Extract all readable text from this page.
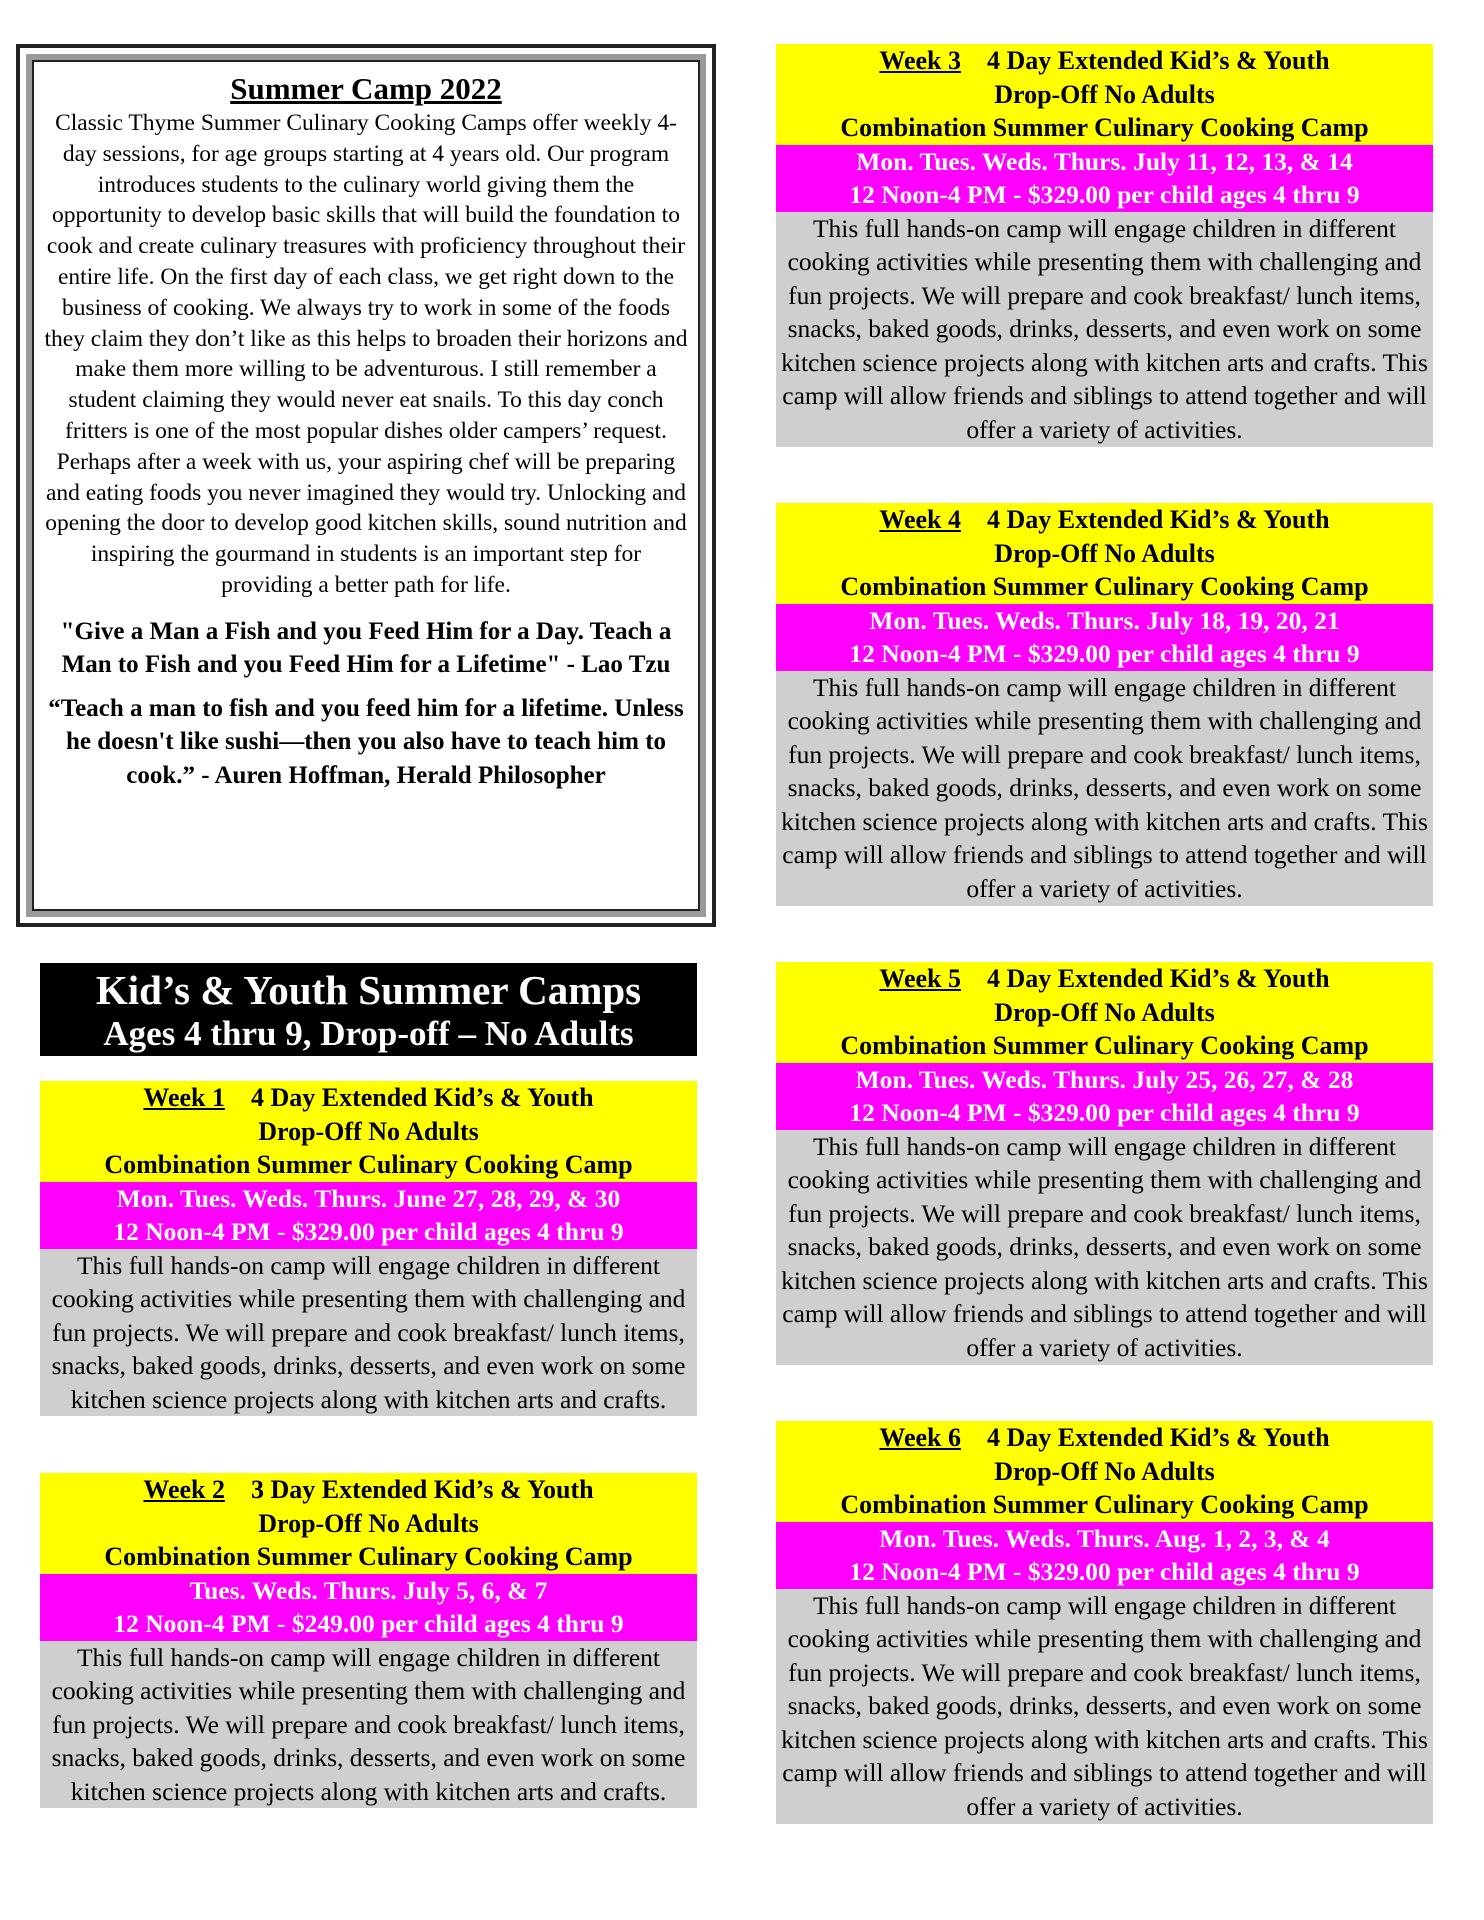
Summer Camp 2022

Classic Thyme Summer Culinary Cooking Camps offer weekly 4-day sessions, for age groups starting at 4 years old. Our program introduces students to the culinary world giving them the opportunity to develop basic skills that will build the foundation to cook and create culinary treasures with proficiency throughout their entire life. On the first day of each class, we get right down to the business of cooking. We always try to work in some of the foods they claim they don’t like as this helps to broaden their horizons and make them more willing to be adventurous. I still remember a student claiming they would never eat snails. To this day conch fritters is one of the most popular dishes older campers’ request. Perhaps after a week with us, your aspiring chef will be preparing and eating foods you never imagined they would try. Unlocking and opening the door to develop good kitchen skills, sound nutrition and inspiring the gourmand in students is an important step for providing a better path for life.

"Give a Man a Fish and you Feed Him for a Day. Teach a Man to Fish and you Feed Him for a Lifetime" - Lao Tzu

“Teach a man to fish and you feed him for a lifetime. Unless he doesn't like sushi—then you also have to teach him to cook.” - Auren Hoffman, Herald Philosopher

Kid’s & Youth Summer Camps
Ages 4 thru 9, Drop-off – No Adults
Week 1 4 Day Extended Kid’s & Youth
Drop-Off No Adults
Combination Summer Culinary Cooking Camp
Mon. Tues. Weds. Thurs. June 27, 28, 29, & 30
12 Noon-4 PM - $329.00 per child ages 4 thru 9
This full hands-on camp will engage children in different cooking activities while presenting them with challenging and fun projects. We will prepare and cook breakfast/ lunch items, snacks, baked goods, drinks, desserts, and even work on some kitchen science projects along with kitchen arts and crafts.
Week 2 3 Day Extended Kid’s & Youth
Drop-Off No Adults
Combination Summer Culinary Cooking Camp
Tues. Weds. Thurs. July 5, 6, & 7
12 Noon-4 PM - $249.00 per child ages 4 thru 9
This full hands-on camp will engage children in different cooking activities while presenting them with challenging and fun projects. We will prepare and cook breakfast/ lunch items, snacks, baked goods, drinks, desserts, and even work on some kitchen science projects along with kitchen arts and crafts.
Week 3 4 Day Extended Kid’s & Youth
Drop-Off No Adults
Combination Summer Culinary Cooking Camp
Mon. Tues. Weds. Thurs. July 11, 12, 13, & 14
12 Noon-4 PM - $329.00 per child ages 4 thru 9
This full hands-on camp will engage children in different cooking activities while presenting them with challenging and fun projects. We will prepare and cook breakfast/ lunch items, snacks, baked goods, drinks, desserts, and even work on some kitchen science projects along with kitchen arts and crafts. This camp will allow friends and siblings to attend together and will offer a variety of activities.
Week 4 4 Day Extended Kid’s & Youth
Drop-Off No Adults
Combination Summer Culinary Cooking Camp
Mon. Tues. Weds. Thurs. July 18, 19, 20, 21
12 Noon-4 PM - $329.00 per child ages 4 thru 9
This full hands-on camp will engage children in different cooking activities while presenting them with challenging and fun projects. We will prepare and cook breakfast/ lunch items, snacks, baked goods, drinks, desserts, and even work on some kitchen science projects along with kitchen arts and crafts. This camp will allow friends and siblings to attend together and will offer a variety of activities.
Week 5 4 Day Extended Kid’s & Youth
Drop-Off No Adults
Combination Summer Culinary Cooking Camp
Mon. Tues. Weds. Thurs. July 25, 26, 27, & 28
12 Noon-4 PM - $329.00 per child ages 4 thru 9
This full hands-on camp will engage children in different cooking activities while presenting them with challenging and fun projects. We will prepare and cook breakfast/ lunch items, snacks, baked goods, drinks, desserts, and even work on some kitchen science projects along with kitchen arts and crafts. This camp will allow friends and siblings to attend together and will offer a variety of activities.
Week 6 4 Day Extended Kid’s & Youth
Drop-Off No Adults
Combination Summer Culinary Cooking Camp
Mon. Tues. Weds. Thurs. Aug. 1, 2, 3, & 4
12 Noon-4 PM - $329.00 per child ages 4 thru 9
This full hands-on camp will engage children in different cooking activities while presenting them with challenging and fun projects. We will prepare and cook breakfast/ lunch items, snacks, baked goods, drinks, desserts, and even work on some kitchen science projects along with kitchen arts and crafts. This camp will allow friends and siblings to attend together and will offer a variety of activities.
